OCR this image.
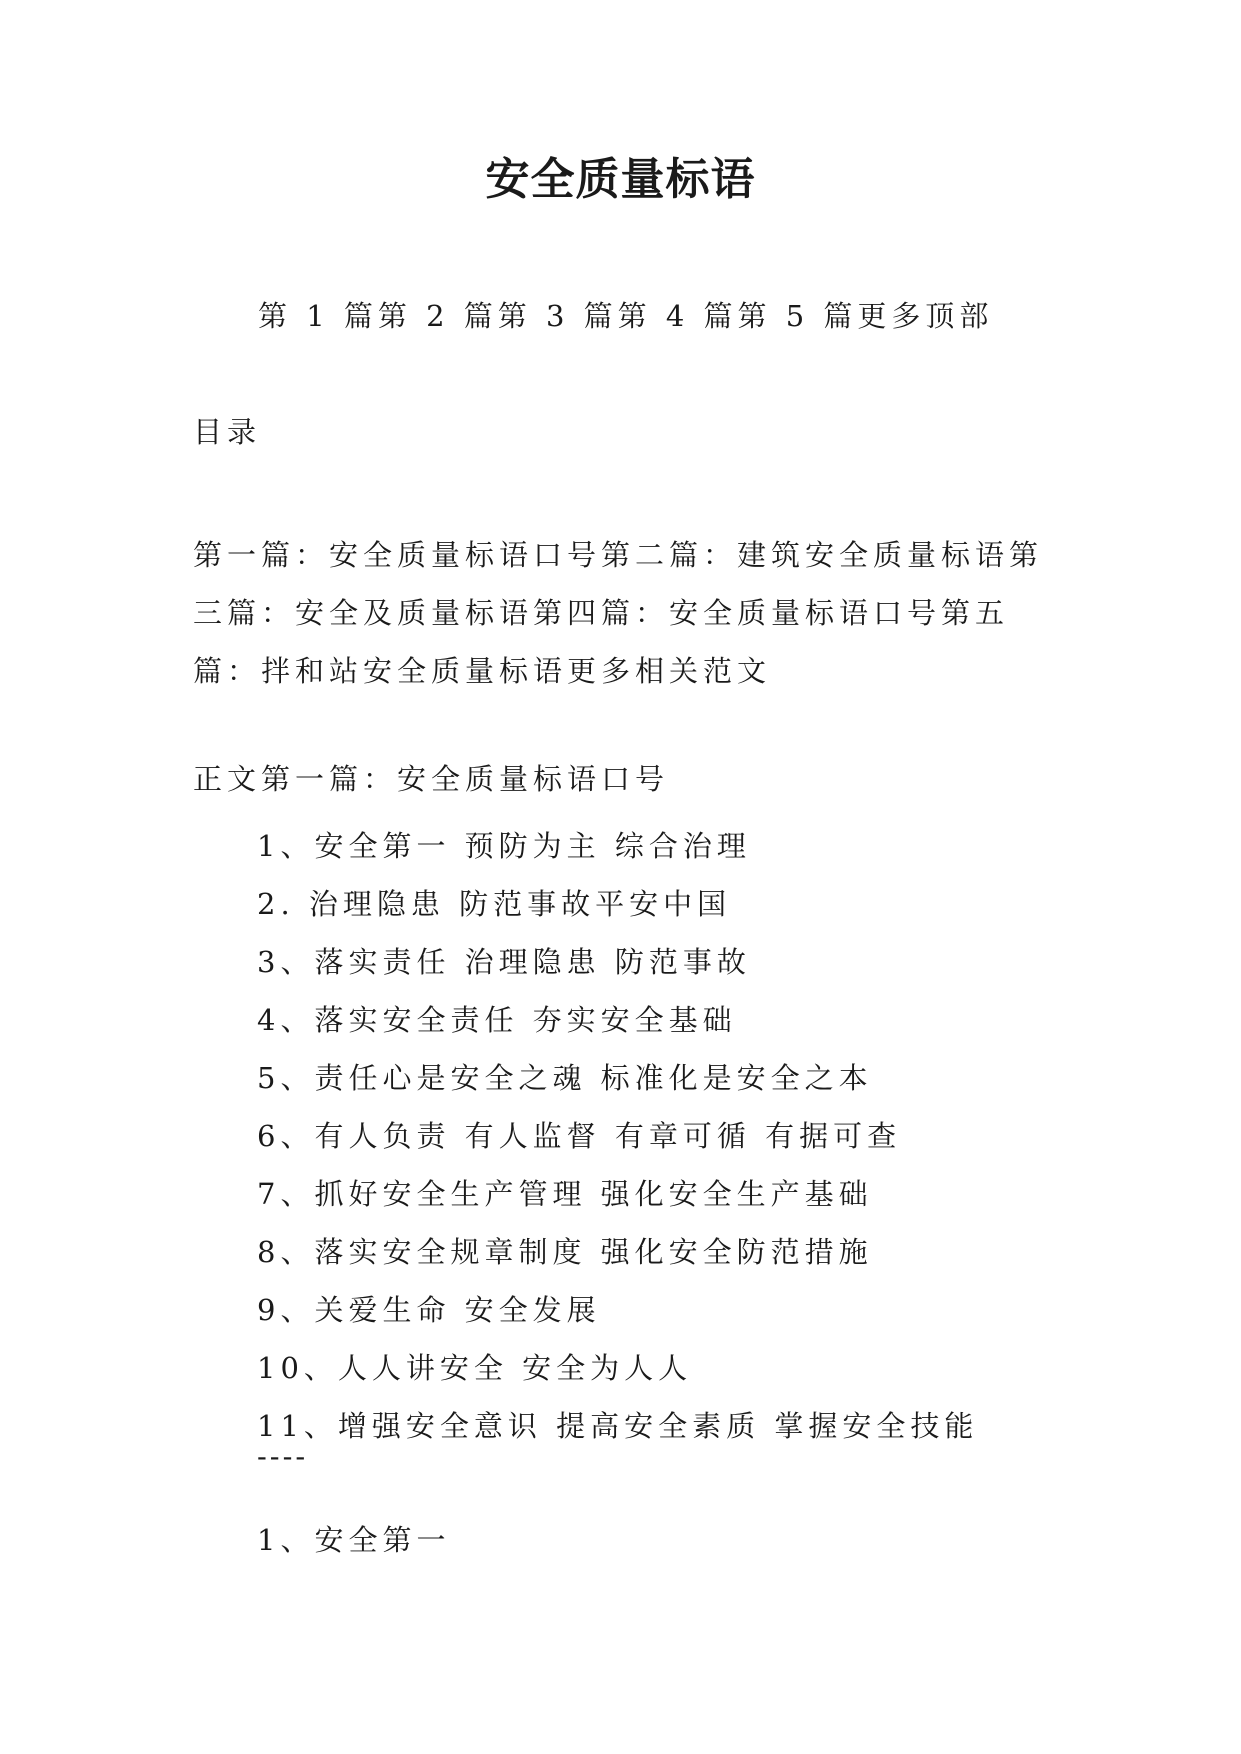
安全质量标语
第 1 篇第 2 篇第 3 篇第 4 篇第 5 篇更多顶部
目录
第一篇：安全质量标语口号第二篇：建筑安全质量标语第三篇：安全及质量标语第四篇：安全质量标语口号第五篇：拌和站安全质量标语更多相关范文
正文第一篇：安全质量标语口号
1、安全第一 预防为主 综合治理
2. 治理隐患 防范事故平安中国
3、落实责任 治理隐患 防范事故
4、落实安全责任 夯实安全基础
5、责任心是安全之魂 标准化是安全之本
6、有人负责 有人监督 有章可循 有据可查
7、抓好安全生产管理 强化安全生产基础
8、落实安全规章制度 强化安全防范措施
9、关爱生命 安全发展
10、人人讲安全 安全为人人
11、增强安全意识 提高安全素质 掌握安全技能
----
1、安全第一
